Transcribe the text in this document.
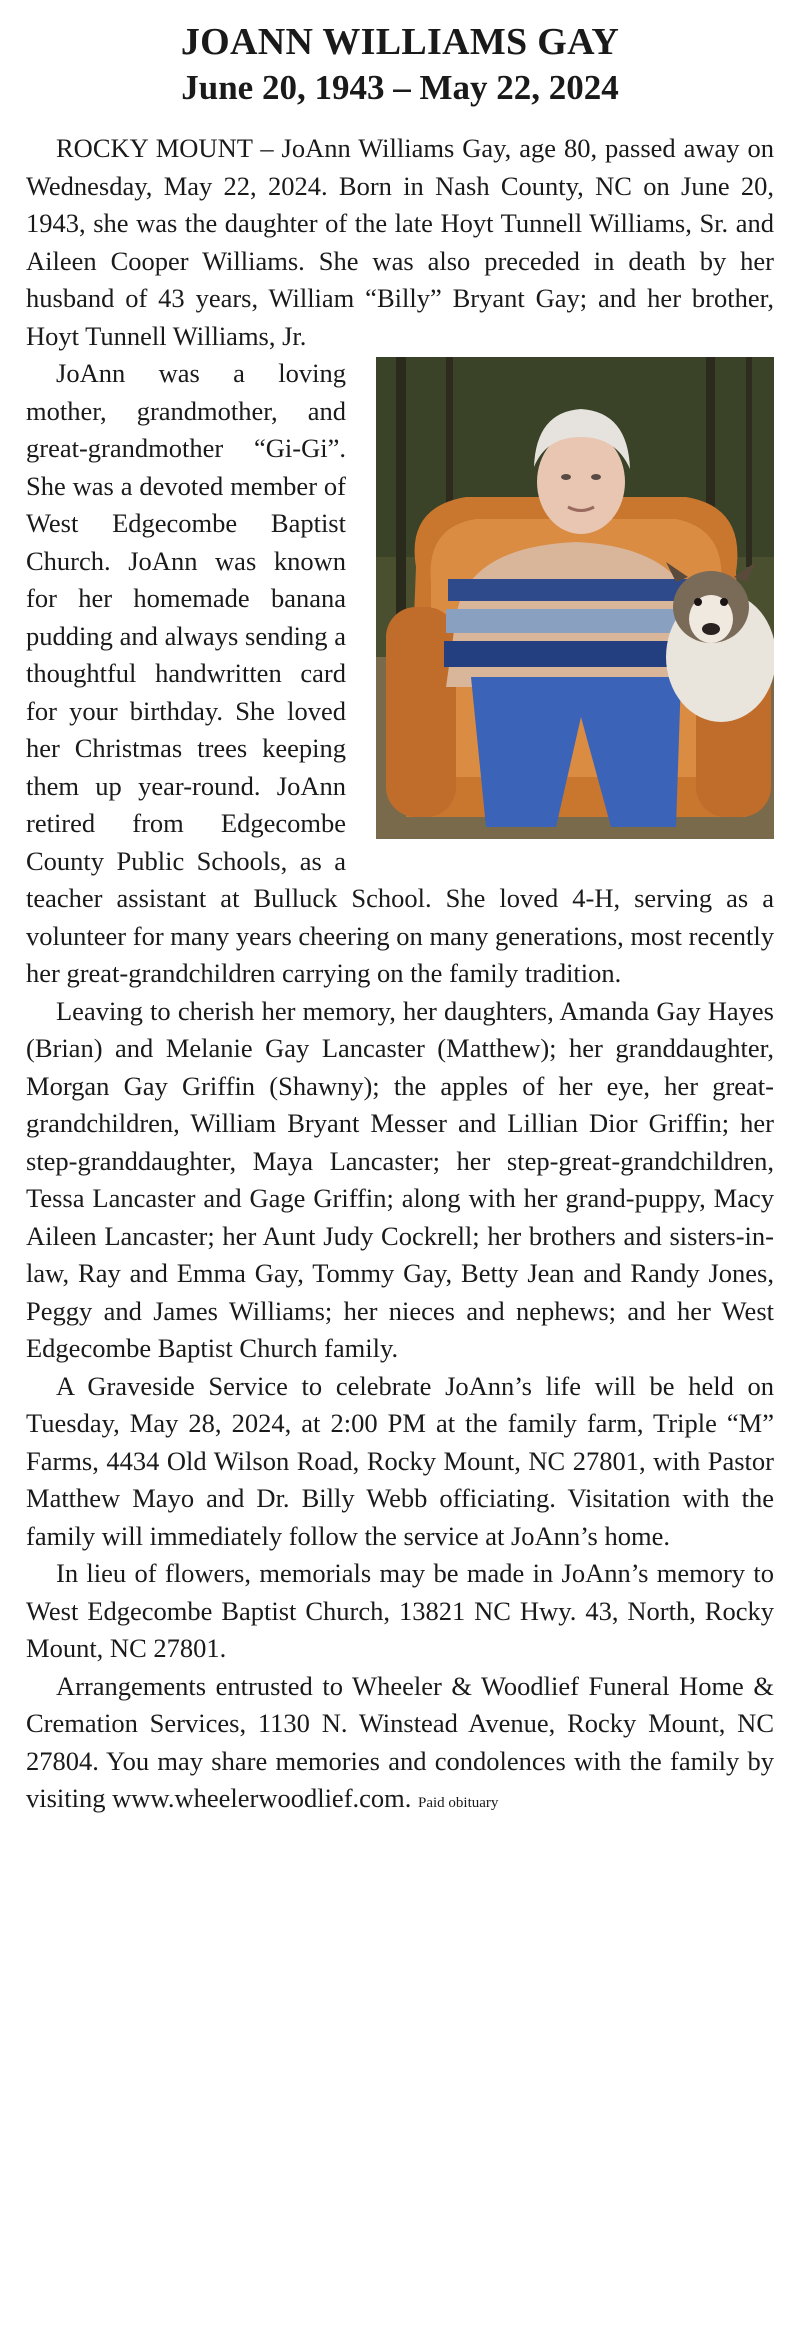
JOANN WILLIAMS GAY
June 20, 1943 – May 22, 2024

ROCKY MOUNT – JoAnn Williams Gay, age 80, passed away on Wednesday, May 22, 2024. Born in Nash County, NC on June 20, 1943, she was the daughter of the late Hoyt Tunnell Williams, Sr. and Aileen Cooper Williams. She was also preceded in death by her husband of 43 years, William “Billy” Bryant Gay; and her brother, Hoyt Tunnell Williams, Jr.

JoAnn was a loving mother, grandmother, and great-grandmother “Gi-Gi”. She was a devoted member of West Edgecombe Baptist Church. JoAnn was known for her homemade banana pudding and always sending a thoughtful handwritten card for your birthday. She loved her Christmas trees keeping them up year-round. JoAnn retired from Edgecombe County Public Schools, as a teacher assistant at Bulluck School. She loved 4-H, serving as a volunteer for many years cheering on many generations, most recently her great-grandchildren carrying on the family tradition.

Leaving to cherish her memory, her daughters, Amanda Gay Hayes (Brian) and Melanie Gay Lancaster (Matthew); her granddaughter, Morgan Gay Griffin (Shawny); the apples of her eye, her great-grandchildren, William Bryant Messer and Lillian Dior Griffin; her step-granddaughter, Maya Lancaster; her step-great-grandchildren, Tessa Lancaster and Gage Griffin; along with her grand-puppy, Macy Aileen Lancaster; her Aunt Judy Cockrell; her brothers and sisters-in-law, Ray and Emma Gay, Tommy Gay, Betty Jean and Randy Jones, Peggy and James Williams; her nieces and nephews; and her West Edgecombe Baptist Church family.

A Graveside Service to celebrate JoAnn’s life will be held on Tuesday, May 28, 2024, at 2:00 PM at the family farm, Triple “M” Farms, 4434 Old Wilson Road, Rocky Mount, NC 27801, with Pastor Matthew Mayo and Dr. Billy Webb officiating. Visitation with the family will immediately follow the service at JoAnn’s home.

In lieu of flowers, memorials may be made in JoAnn’s memory to West Edgecombe Baptist Church, 13821 NC Hwy. 43, North, Rocky Mount, NC 27801.

Arrangements entrusted to Wheeler & Woodlief Funeral Home & Cremation Services, 1130 N. Winstead Avenue, Rocky Mount, NC 27804. You may share memories and condolences with the family by visiting www.wheelerwoodlief.com. Paid obituary
